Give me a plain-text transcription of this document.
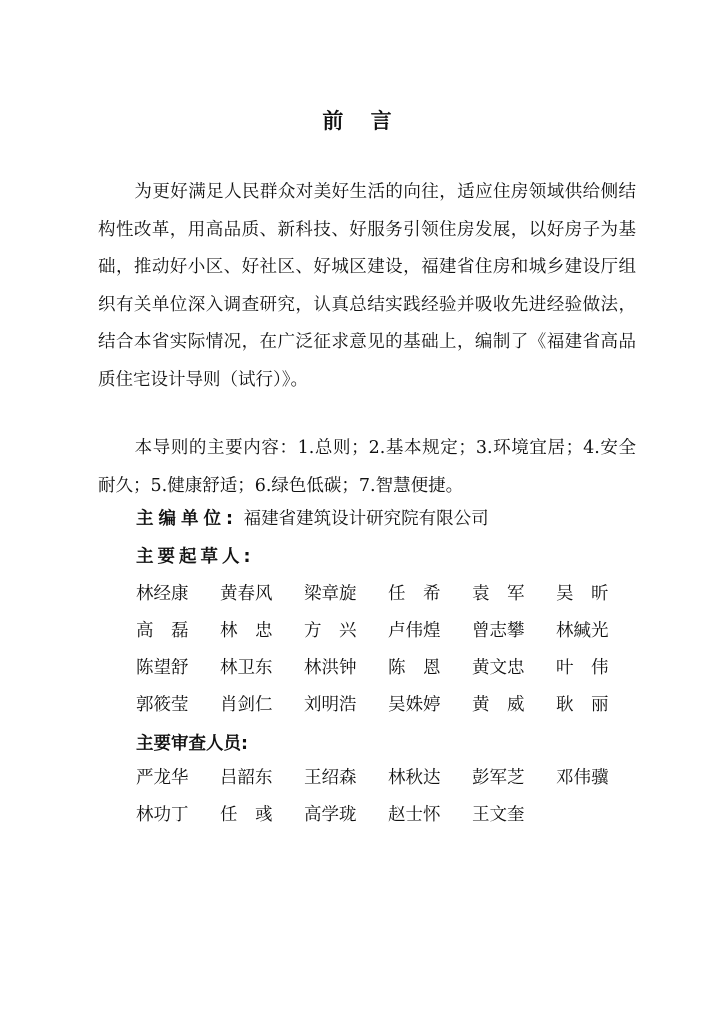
前 言
为更好满足人民群众对美好生活的向往，适应住房领域供给侧结构性改革，用高品质、新科技、好服务引领住房发展，以好房子为基础，推动好小区、好社区、好城区建设，福建省住房和城乡建设厅组织有关单位深入调查研究，认真总结实践经验并吸收先进经验做法，结合本省实际情况，在广泛征求意见的基础上，编制了《福建省高品质住宅设计导则（试行）》。
本导则的主要内容：1.总则；2.基本规定；3.环境宜居；4.安全耐久；5.健康舒适；6.绿色低碳；7.智慧便捷。
主编单位: 福建省建筑设计研究院有限公司
主要起草人:
林经康 黄春风 梁章旋 任　希 袁　军 吴　昕
高　磊 林　忠 方　兴 卢伟煌 曾志攀 林緘光
陈望舒 林卫东 林洪钟 陈　恩 黄文忠 叶　伟
郭筱莹 肖剑仁 刘明浩 吴姝婷 黄　威 耿　丽
主要审查人员:
严龙华 吕韶东 王绍森 林秋达 彭军芝 邓伟骥
林功丁 任　彧 高学珑 赵士怀 王文奎
